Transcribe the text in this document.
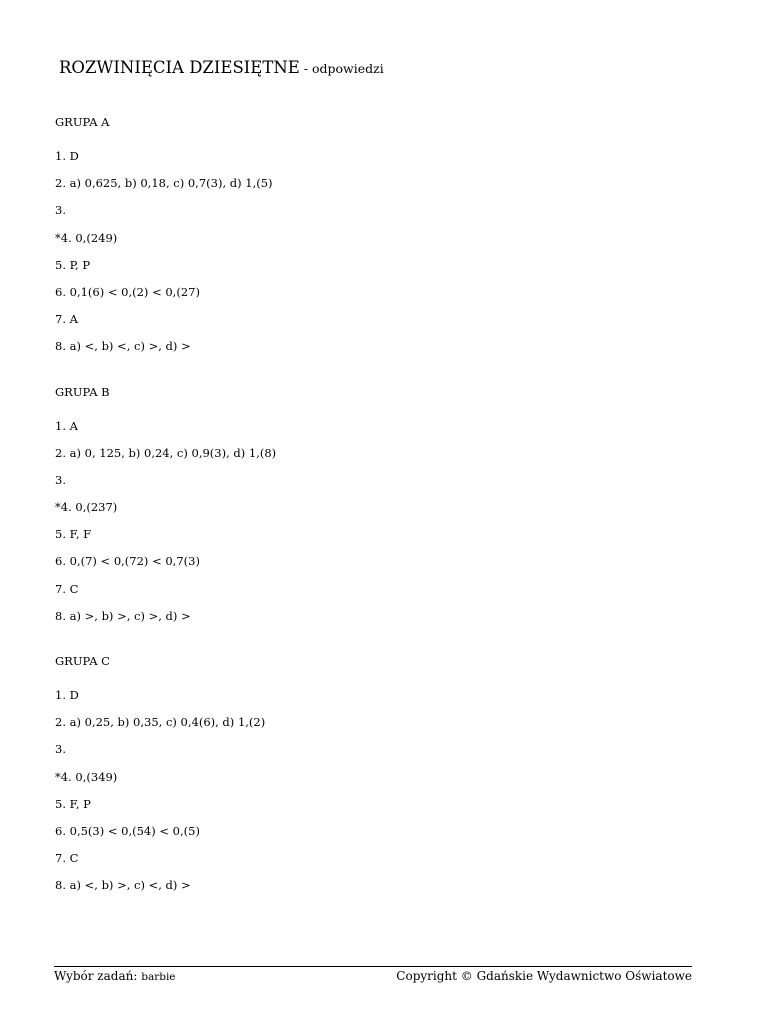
ROZWINIĘCIA DZIESIĘTNE - odpowiedzi
GRUPA A
1. D
2. a) 0,625, b) 0,18, c) 0,7(3), d) 1,(5)
3.
*4. 0,(249)
5. P, P
6. 0,1(6) < 0,(2) < 0,(27)
7. A
8. a) <, b) <, c) >, d) >
GRUPA B
1. A
2. a) 0, 125, b) 0,24, c) 0,9(3), d) 1,(8)
3.
*4. 0,(237)
5. F, F
6. 0,(7) < 0,(72) < 0,7(3)
7. C
8. a) >, b) >, c) >, d) >
GRUPA C
1. D
2. a) 0,25, b) 0,35, c) 0,4(6), d) 1,(2)
3.
*4. 0,(349)
5. F, P
6. 0,5(3) < 0,(54) < 0,(5)
7. C
8. a) <, b) >, c) <, d) >
Wybór zadań: barbie	Copyright © Gdańskie Wydawnictwo Oświatowe
